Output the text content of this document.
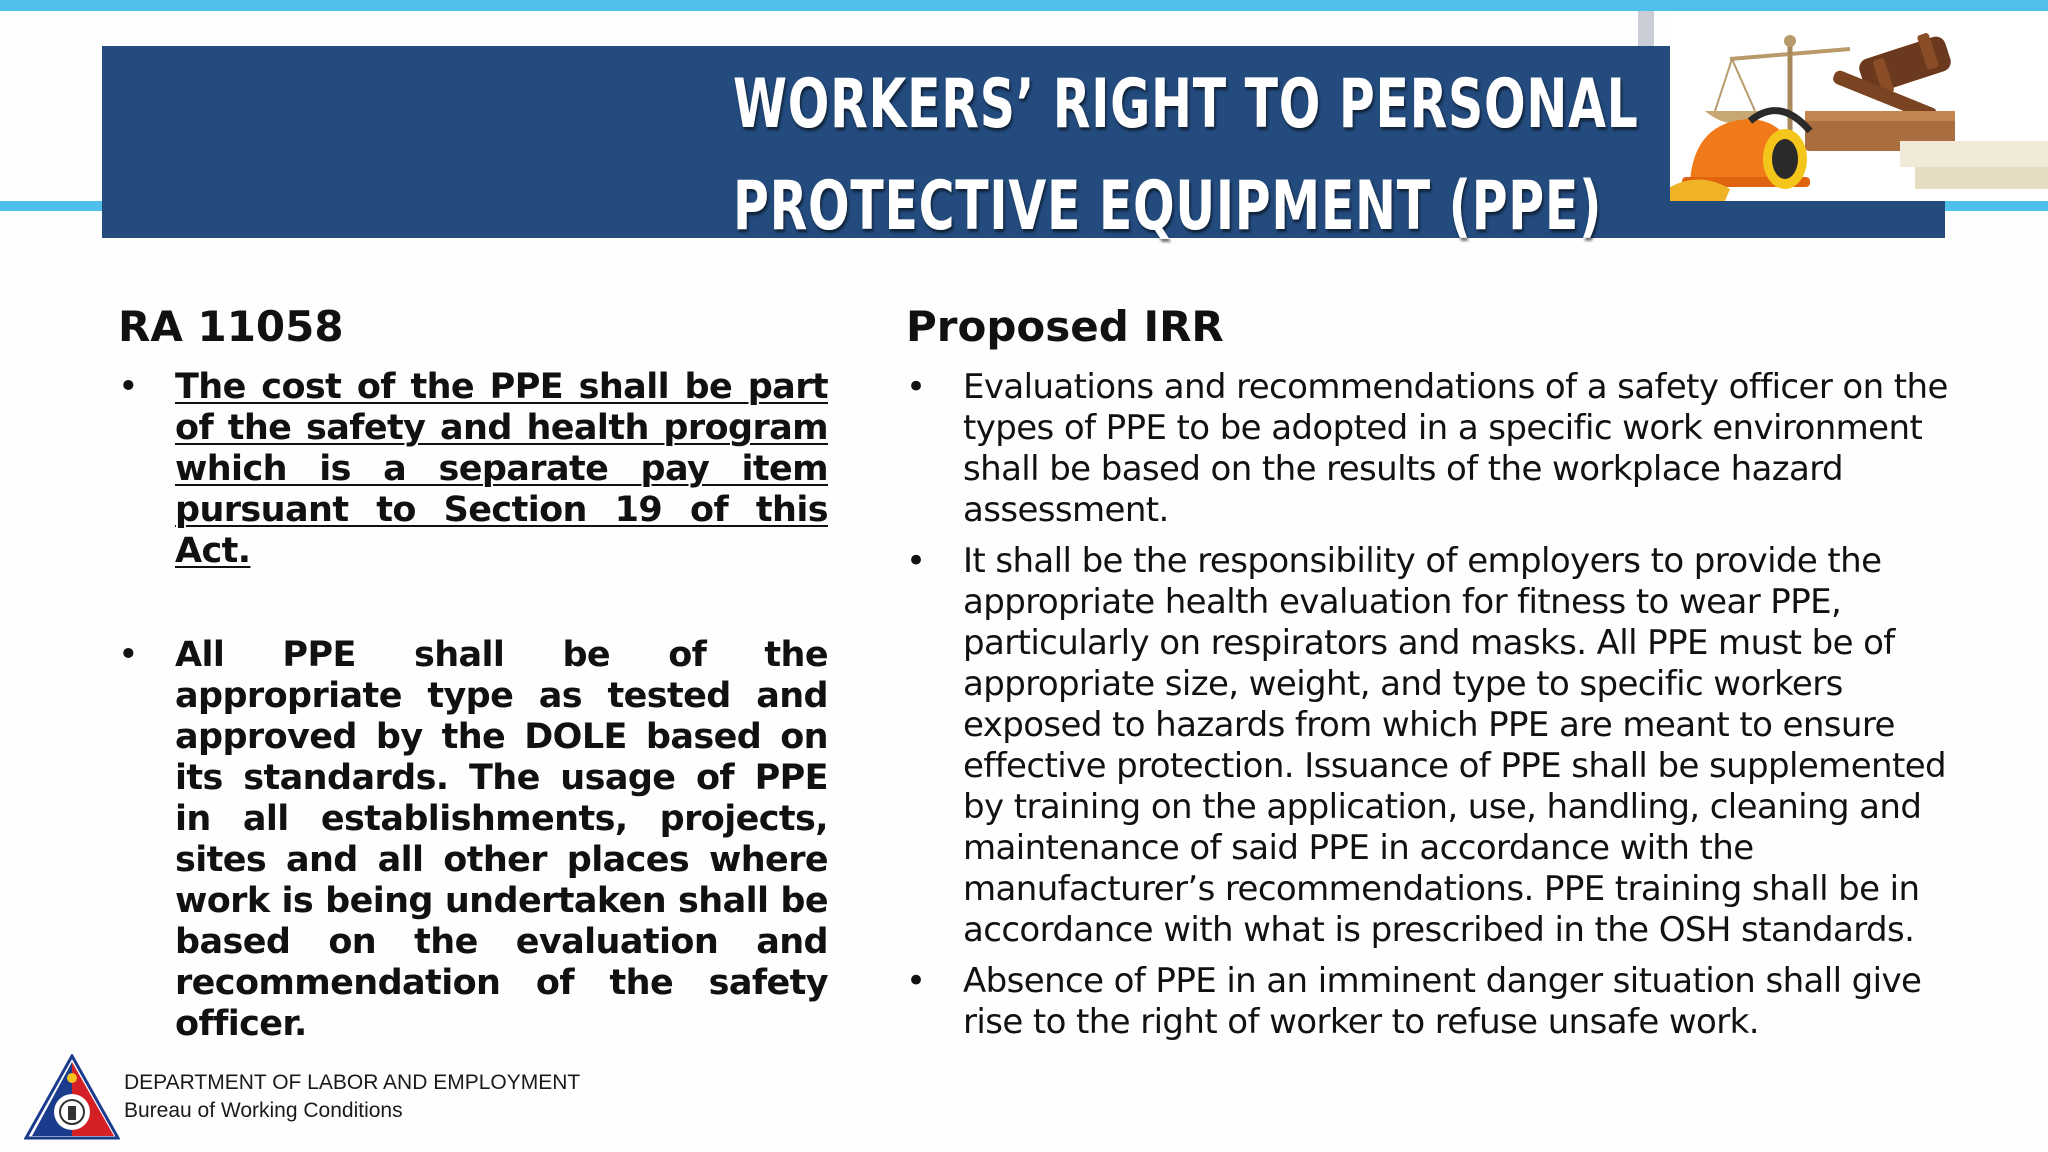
WORKERS’ RIGHT TO PERSONAL
PROTECTIVE EQUIPMENT (PPE)
RA 11058
• The cost of the PPE shall be part of the safety and health program which is a separate pay item pursuant to Section 19 of this Act.
• All PPE shall be of the appropriate type as tested and approved by the DOLE based on its standards. The usage of PPE in all establishments, projects, sites and all other places where work is being undertaken shall be based on the evaluation and recommendation of the safety officer.
Proposed IRR
• Evaluations and recommendations of a safety officer on the types of PPE to be adopted in a specific work environment shall be based on the results of the workplace hazard assessment.
• It shall be the responsibility of employers to provide the appropriate health evaluation for fitness to wear PPE, particularly on respirators and masks. All PPE must be of appropriate size, weight, and type to specific workers exposed to hazards from which PPE are meant to ensure effective protection. Issuance of PPE shall be supplemented by training on the application, use, handling, cleaning and maintenance of said PPE in accordance with the manufacturer’s recommendations. PPE training shall be in accordance with what is prescribed in the OSH standards.
• Absence of PPE in an imminent danger situation shall give rise to the right of worker to refuse unsafe work.
DEPARTMENT OF LABOR AND EMPLOYMENT
Bureau of Working Conditions
